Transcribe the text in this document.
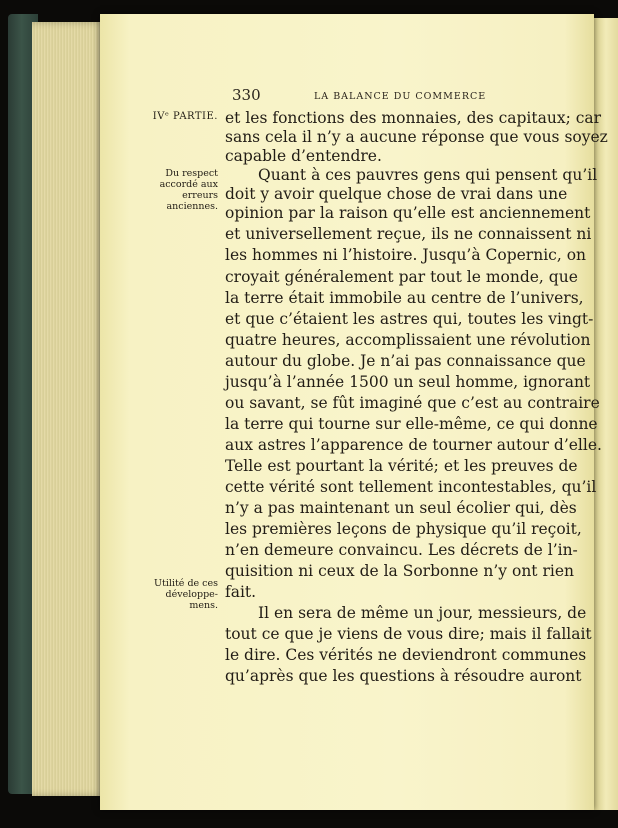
330	LA BALANCE DU COMMERCE
IVᵉ PARTIE.
Du respect accordé aux erreurs anciennes.
Utilité de ces développe-mens.
et les fonctions des monnaies, des capitaux; car
sans cela il n’y a aucune réponse que vous soyez
capable d’entendre.
Quant à ces pauvres gens qui pensent qu’il
doit y avoir quelque chose de vrai dans une
opinion par la raison qu’elle est anciennement
et universellement reçue, ils ne connaissent ni
les hommes ni l’histoire. Jusqu’à Copernic, on
croyait généralement par tout le monde, que
la terre était immobile au centre de l’univers,
et que c’étaient les astres qui, toutes les vingt-
quatre heures, accomplissaient une révolution
autour du globe. Je n’ai pas connaissance que
jusqu’à l’année 1500 un seul homme, ignorant
ou savant, se fût imaginé que c’est au contraire
la terre qui tourne sur elle-même, ce qui donne
aux astres l’apparence de tourner autour d’elle.
Telle est pourtant la vérité; et les preuves de
cette vérité sont tellement incontestables, qu’il
n’y a pas maintenant un seul écolier qui, dès
les premières leçons de physique qu’il reçoit,
n’en demeure convaincu. Les décrets de l’in-
quisition ni ceux de la Sorbonne n’y ont rien
fait.
Il en sera de même un jour, messieurs, de
tout ce que je viens de vous dire; mais il fallait
le dire. Ces vérités ne deviendront communes
qu’après que les questions à résoudre auront
